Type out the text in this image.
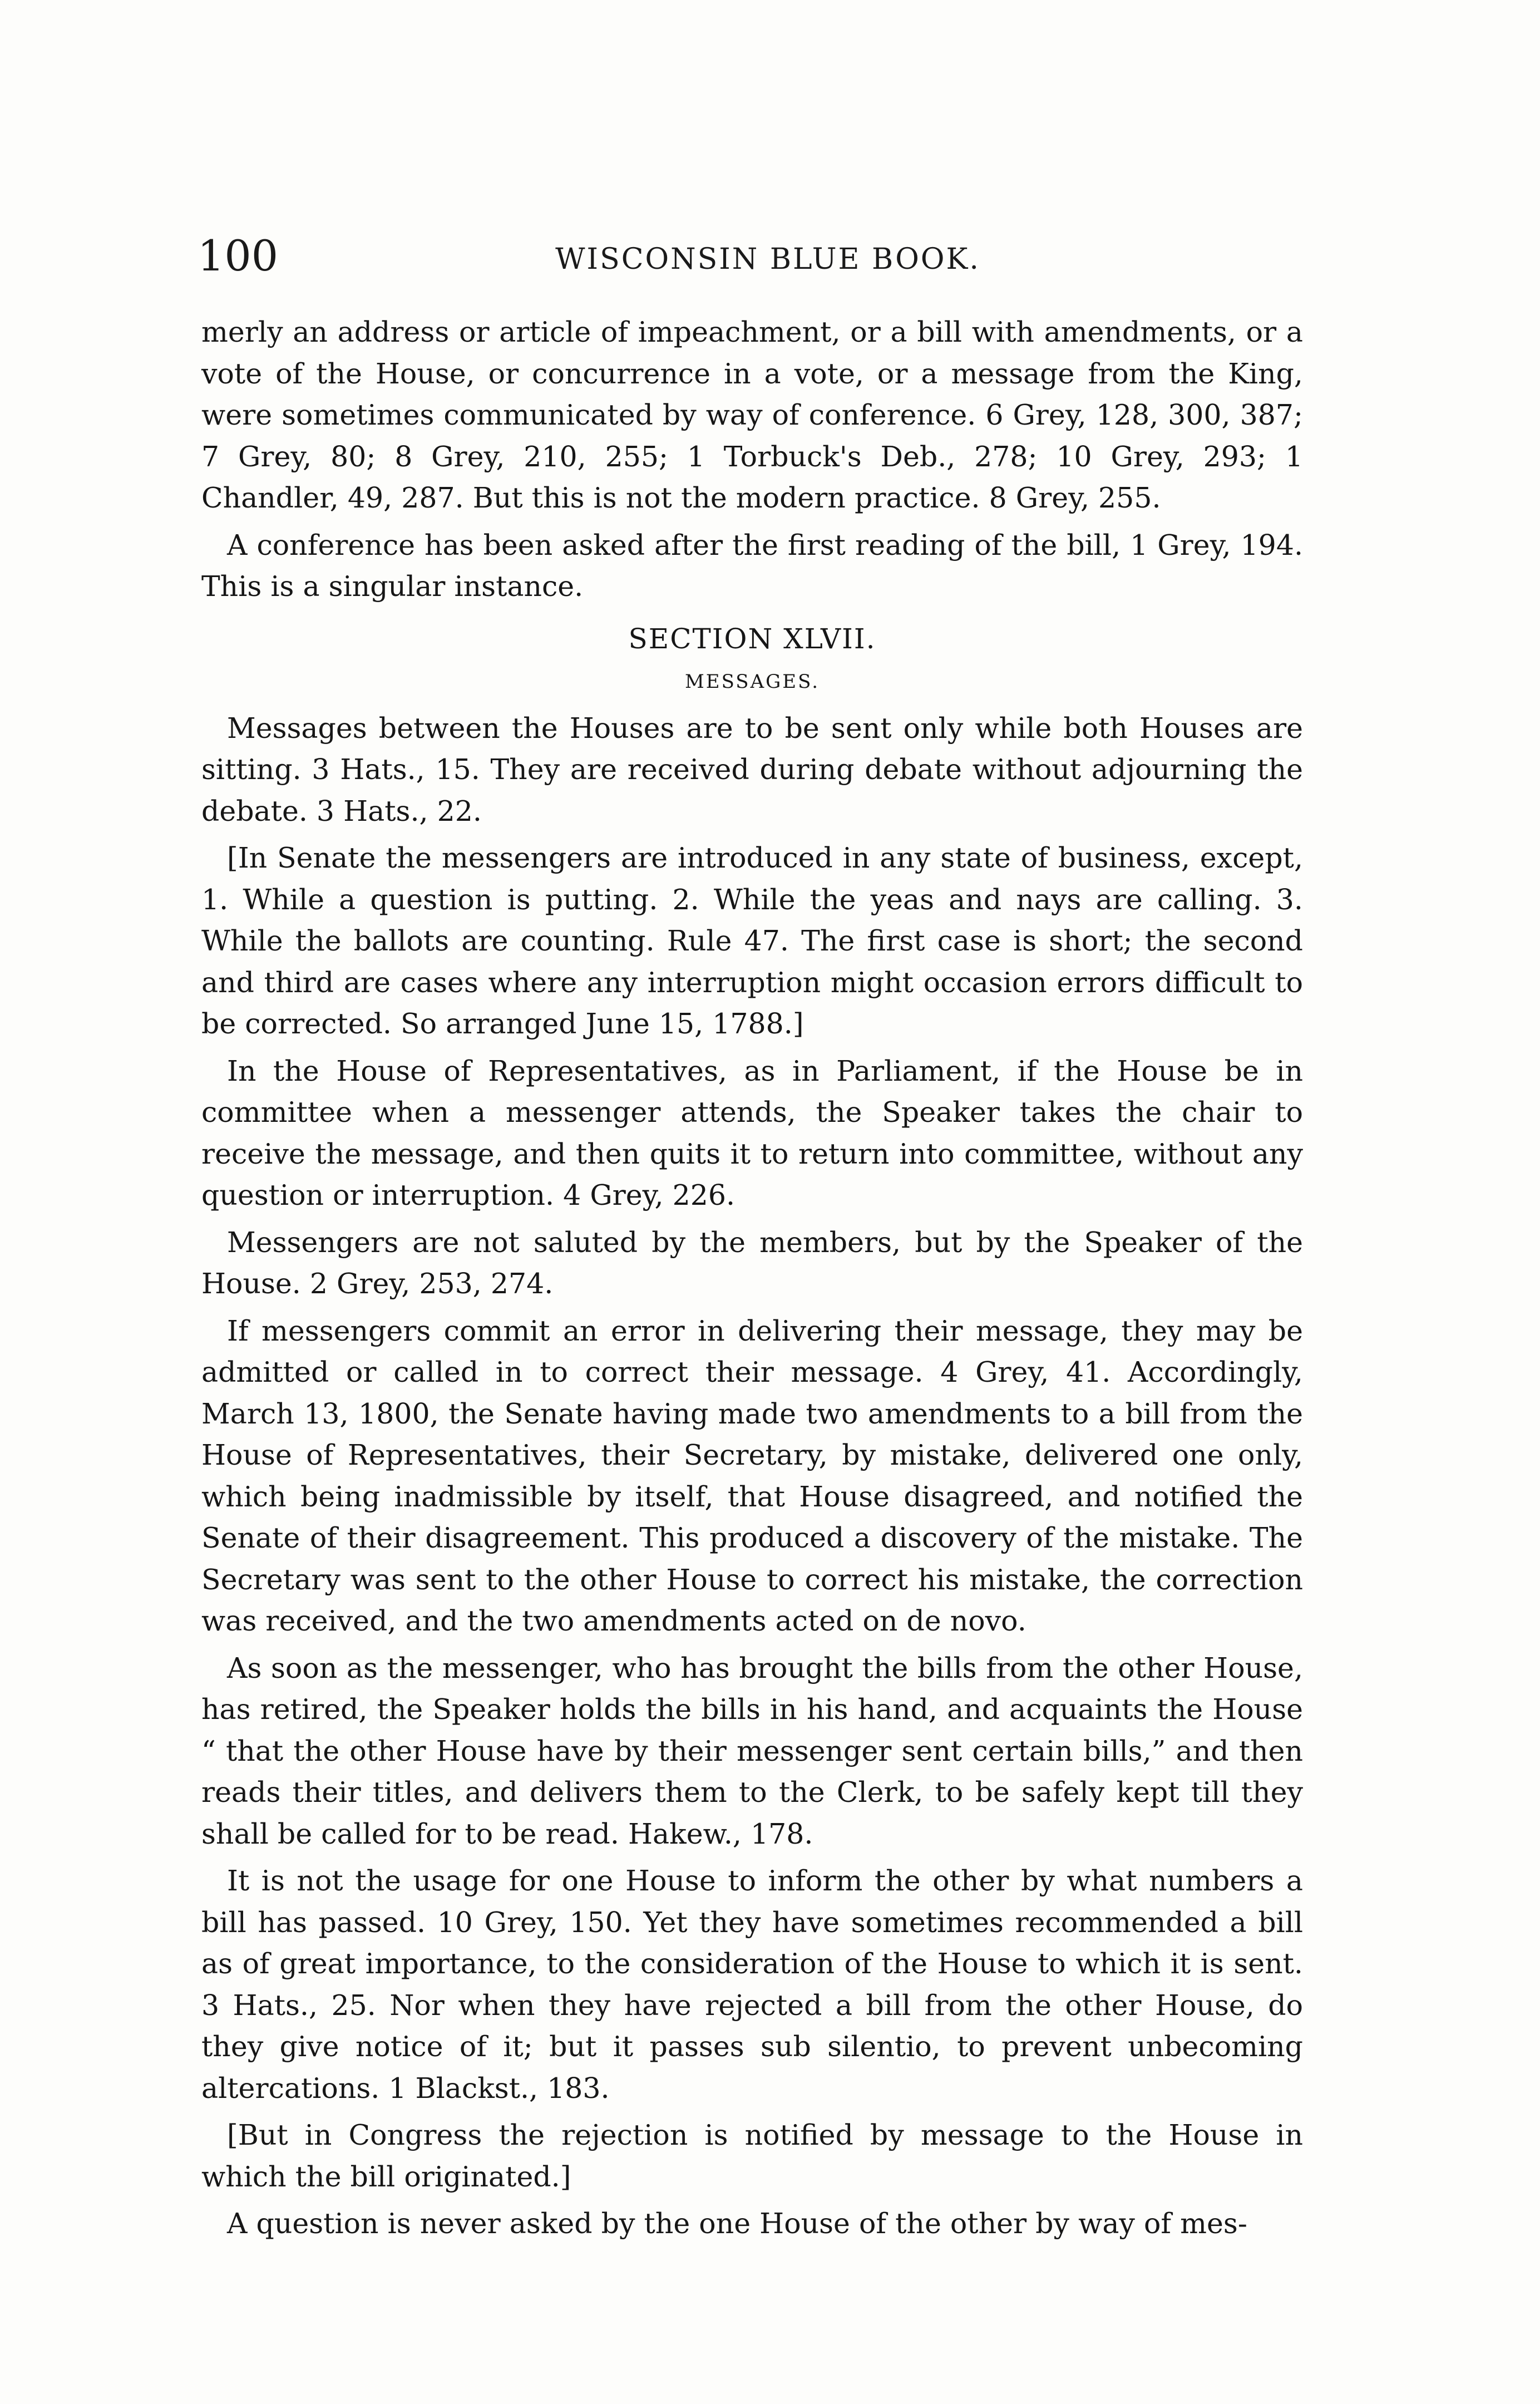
100	WISCONSIN BLUE BOOK.

merly an address or article of impeachment, or a bill with amendments, or a vote of the House, or concurrence in a vote, or a message from the King, were sometimes communicated by way of conference. 6 Grey, 128, 300, 387; 7 Grey, 80; 8 Grey, 210, 255; 1 Torbuck's Deb., 278; 10 Grey, 293; 1 Chandler, 49, 287. But this is not the modern practice. 8 Grey, 255.

A conference has been asked after the first reading of the bill, 1 Grey, 194. This is a singular instance.

SECTION XLVII.
MESSAGES.

Messages between the Houses are to be sent only while both Houses are sitting. 3 Hats., 15. They are received during debate without adjourning the debate. 3 Hats., 22.

[In Senate the messengers are introduced in any state of business, except, 1. While a question is putting. 2. While the yeas and nays are calling. 3. While the ballots are counting. Rule 47. The first case is short; the second and third are cases where any interruption might occasion errors difficult to be corrected. So arranged June 15, 1788.]

In the House of Representatives, as in Parliament, if the House be in committee when a messenger attends, the Speaker takes the chair to receive the message, and then quits it to return into committee, without any question or interruption. 4 Grey, 226.

Messengers are not saluted by the members, but by the Speaker of the House. 2 Grey, 253, 274.

If messengers commit an error in delivering their message, they may be admitted or called in to correct their message. 4 Grey, 41. Accordingly, March 13, 1800, the Senate having made two amendments to a bill from the House of Representatives, their Secretary, by mistake, delivered one only, which being inadmissible by itself, that House disagreed, and notified the Senate of their disagreement. This produced a discovery of the mistake. The Secretary was sent to the other House to correct his mistake, the correction was received, and the two amendments acted on de novo.

As soon as the messenger, who has brought the bills from the other House, has retired, the Speaker holds the bills in his hand, and acquaints the House “ that the other House have by their messenger sent certain bills,” and then reads their titles, and delivers them to the Clerk, to be safely kept till they shall be called for to be read. Hakew., 178.

It is not the usage for one House to inform the other by what numbers a bill has passed. 10 Grey, 150. Yet they have sometimes recommended a bill as of great importance, to the consideration of the House to which it is sent. 3 Hats., 25. Nor when they have rejected a bill from the other House, do they give notice of it; but it passes sub silentio, to prevent unbecoming altercations. 1 Blackst., 183.

[But in Congress the rejection is notified by message to the House in which the bill originated.]

A question is never asked by the one House of the other by way of mes-
